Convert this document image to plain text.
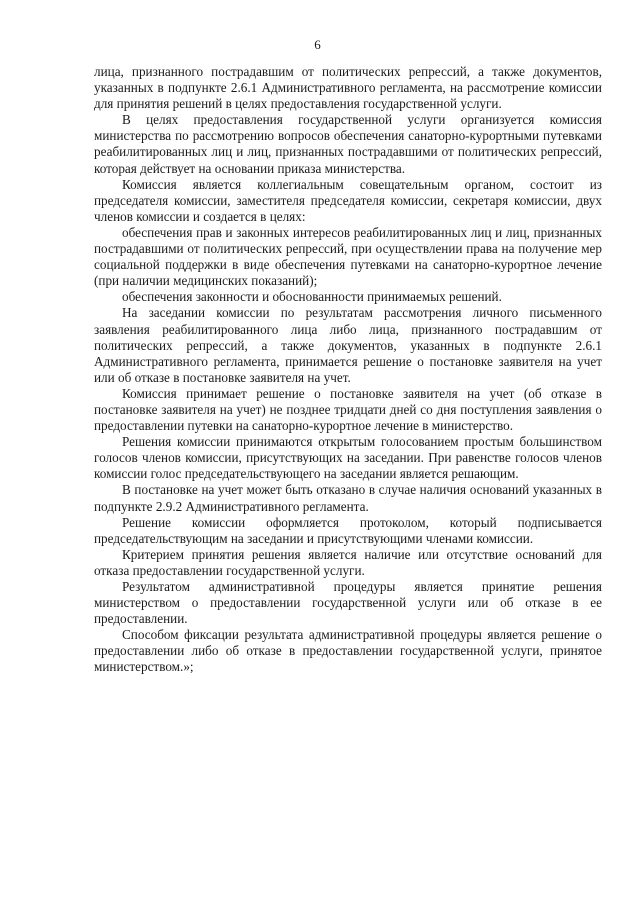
6

лица, признанного пострадавшим от политических репрессий, а также документов, указанных в подпункте 2.6.1 Административного регламента, на рассмотрение комиссии для принятия решений в целях предоставления государственной услуги.

В целях предоставления государственной услуги организуется комиссия министерства по рассмотрению вопросов обеспечения санаторно-курортными путевками реабилитированных лиц и лиц, признанных пострадавшими от политических репрессий, которая действует на основании приказа министерства.

Комиссия является коллегиальным совещательным органом, состоит из председателя комиссии, заместителя председателя комиссии, секретаря комиссии, двух членов комиссии и создается в целях:

обеспечения прав и законных интересов реабилитированных лиц и лиц, признанных пострадавшими от политических репрессий, при осуществлении права на получение мер социальной поддержки в виде обеспечения путевками на санаторно-курортное лечение (при наличии медицинских показаний);

обеспечения законности и обоснованности принимаемых решений.

На заседании комиссии по результатам рассмотрения личного письменного заявления реабилитированного лица либо лица, признанного пострадавшим от политических репрессий, а также документов, указанных в подпункте 2.6.1 Административного регламента, принимается решение о постановке заявителя на учет или об отказе в постановке заявителя на учет.

Комиссия принимает решение о постановке заявителя на учет (об отказе в постановке заявителя на учет) не позднее тридцати дней со дня поступления заявления о предоставлении путевки на санаторно-курортное лечение в министерство.

Решения комиссии принимаются открытым голосованием простым большинством голосов членов комиссии, присутствующих на заседании. При равенстве голосов членов комиссии голос председательствующего на заседании является решающим.

В постановке на учет может быть отказано в случае наличия оснований указанных в подпункте 2.9.2 Административного регламента.

Решение комиссии оформляется протоколом, который подписывается председательствующим на заседании и присутствующими членами комиссии.

Критерием принятия решения является наличие или отсутствие оснований для отказа предоставлении государственной услуги.

Результатом административной процедуры является принятие решения министерством о предоставлении государственной услуги или об отказе в ее предоставлении.

Способом фиксации результата административной процедуры является решение о предоставлении либо об отказе в предоставлении государственной услуги, принятое министерством.»;
